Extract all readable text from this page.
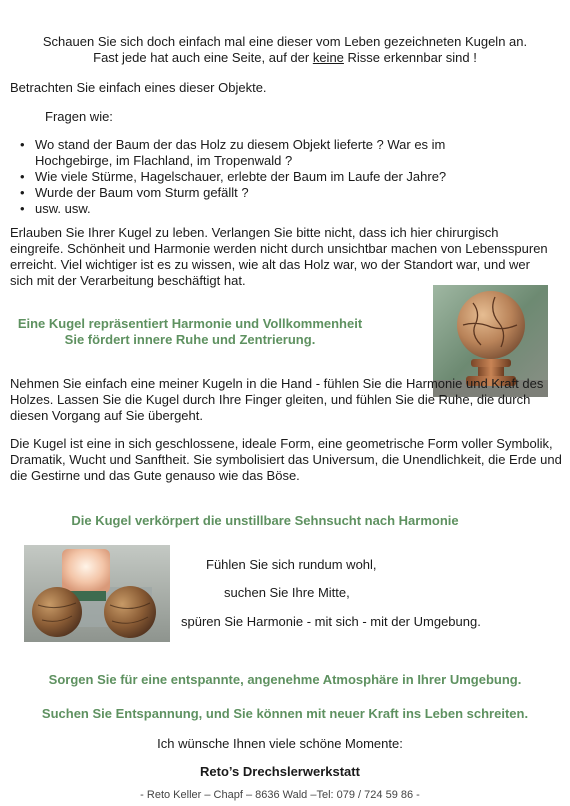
Schauen Sie sich doch einfach mal eine dieser vom Leben gezeichneten Kugeln an.

Fast jede hat auch eine Seite, auf der keine Risse erkennbar sind !

Betrachten Sie einfach eines dieser Objekte.

Fragen wie:

• Wo stand der Baum der das Holz zu diesem Objekt lieferte ? War es im Hochgebirge, im Flachland, im Tropenwald ?
• Wie viele Stürme, Hagelschauer, erlebte der Baum im Laufe der Jahre?
• Wurde der Baum vom Sturm gefällt ?
• usw. usw.

Erlauben Sie Ihrer Kugel zu leben. Verlangen Sie bitte nicht, dass ich hier chirurgisch eingreife. Schönheit und Harmonie werden nicht durch unsichtbar machen von Lebensspuren erreicht. Viel wichtiger ist es zu wissen, wie alt das Holz war, wo der Standort war, und wer sich mit der Verarbeitung beschäftigt hat.

Eine Kugel repräsentiert Harmonie und Vollkommenheit

Sie fördert innere Ruhe und Zentrierung.

Nehmen Sie einfach eine meiner Kugeln in die Hand - fühlen Sie die Harmonie und Kraft des Holzes. Lassen Sie die Kugel durch Ihre Finger gleiten, und fühlen Sie die Ruhe, die durch diesen Vorgang auf Sie übergeht.

Die Kugel ist eine in sich geschlossene, ideale Form, eine geometrische Form voller Symbolik, Dramatik, Wucht und Sanftheit. Sie symbolisiert das Universum, die Unendlichkeit, die Erde und die Gestirne und das Gute genauso wie das Böse.

Die Kugel verkörpert die unstillbare Sehnsucht nach Harmonie

Fühlen Sie sich rundum wohl,

suchen Sie Ihre Mitte,

spüren Sie Harmonie - mit sich - mit der Umgebung.

Sorgen Sie für eine entspannte, angenehme Atmosphäre in Ihrer Umgebung.

Suchen Sie Entspannung, und Sie können mit neuer Kraft ins Leben schreiten.

Ich wünsche Ihnen viele schöne Momente:

Reto’s Drechslerwerkstatt

- Reto Keller – Chapf – 8636 Wald –Tel: 079 / 724 59 86 -
